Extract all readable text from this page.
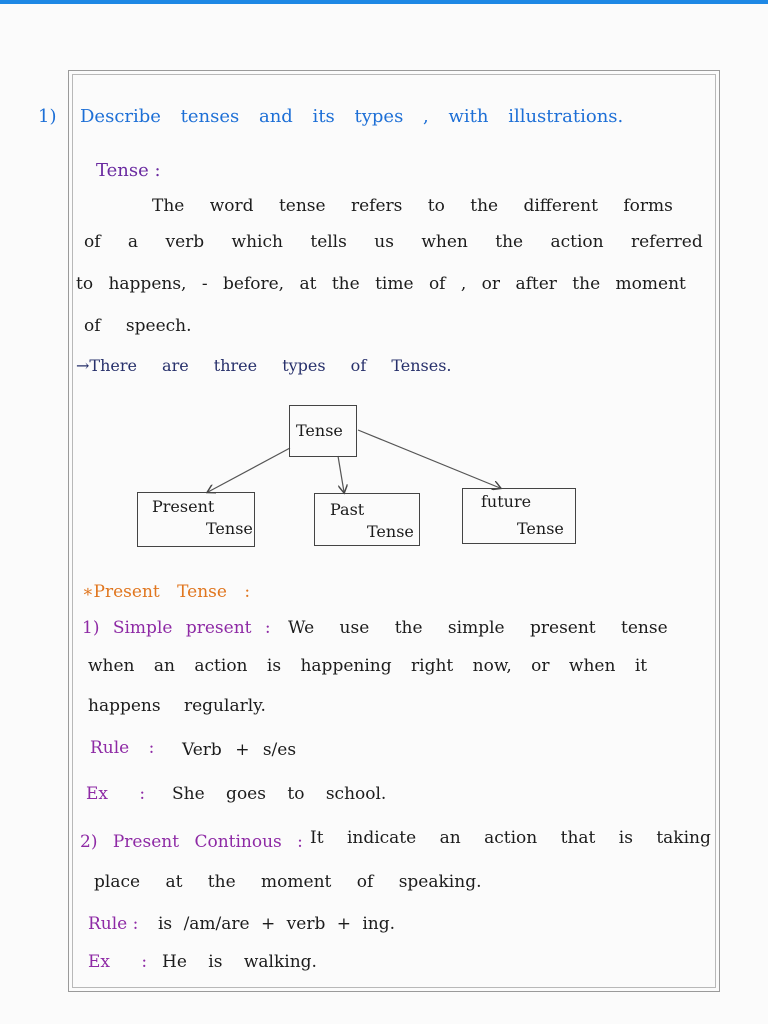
1) Describe tenses and its types , with illustrations.
Tense :
The word tense refers to the different forms
of a verb which tells us when the action referred
to happens, - before, at the time of , or after the moment
of speech.
→There are three types of Tenses.
Tense
Present
Tense
Past
Tense
future
Tense
∗Present Tense :
1) Simple present : We use the simple present tense
when an action is happening right now, or when it
happens regularly.
Rule : Verb + s/es
Ex : She goes to school.
2) Present Continous : It indicate an action that is taking
place at the moment of speaking.
Rule : is /am/are + verb + ing.
Ex : He is walking.
